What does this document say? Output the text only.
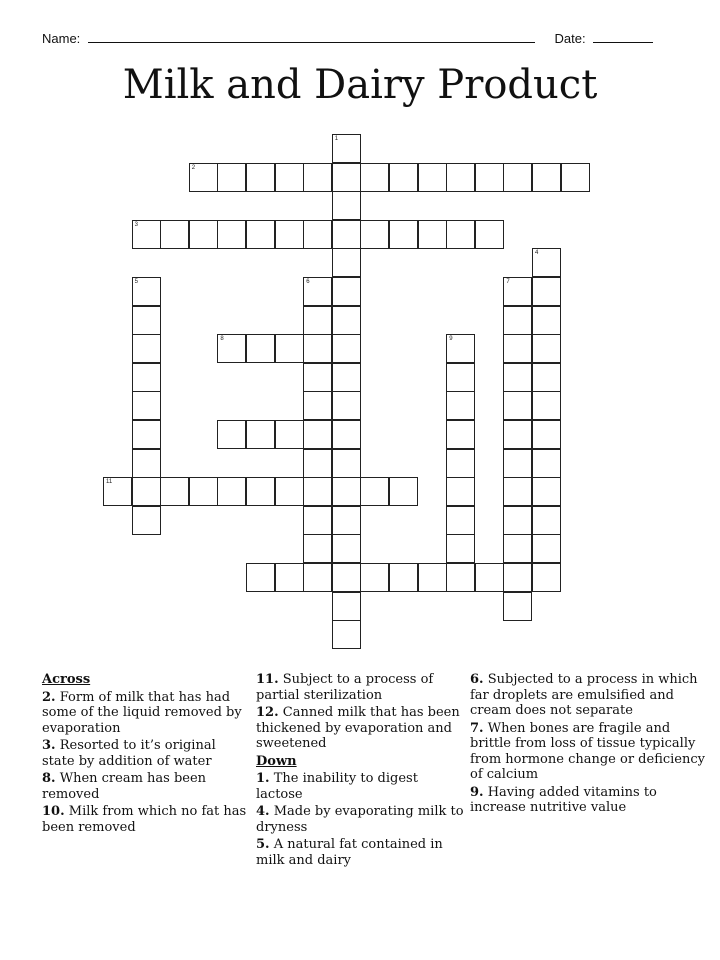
Name:	Date:
Milk and Dairy Product
1
2
3
4
5	6	7
8	9
11
Across
2. Form of milk that has had some of the liquid removed by evaporation
3. Resorted to it’s original state by addition of water
8. When cream has been removed
10. Milk from which no fat has been removed
11. Subject to a process of partial sterilization
12. Canned milk that has been thickened by evaporation and sweetened
Down
1. The inability to digest lactose
4. Made by evaporating milk to dryness
5. A natural fat contained in milk and dairy
6. Subjected to a process in which far droplets are emulsified and cream does not separate
7. When bones are fragile and brittle from loss of tissue typically from hormone change or deficiency of calcium
9. Having added vitamins to increase nutritive value
